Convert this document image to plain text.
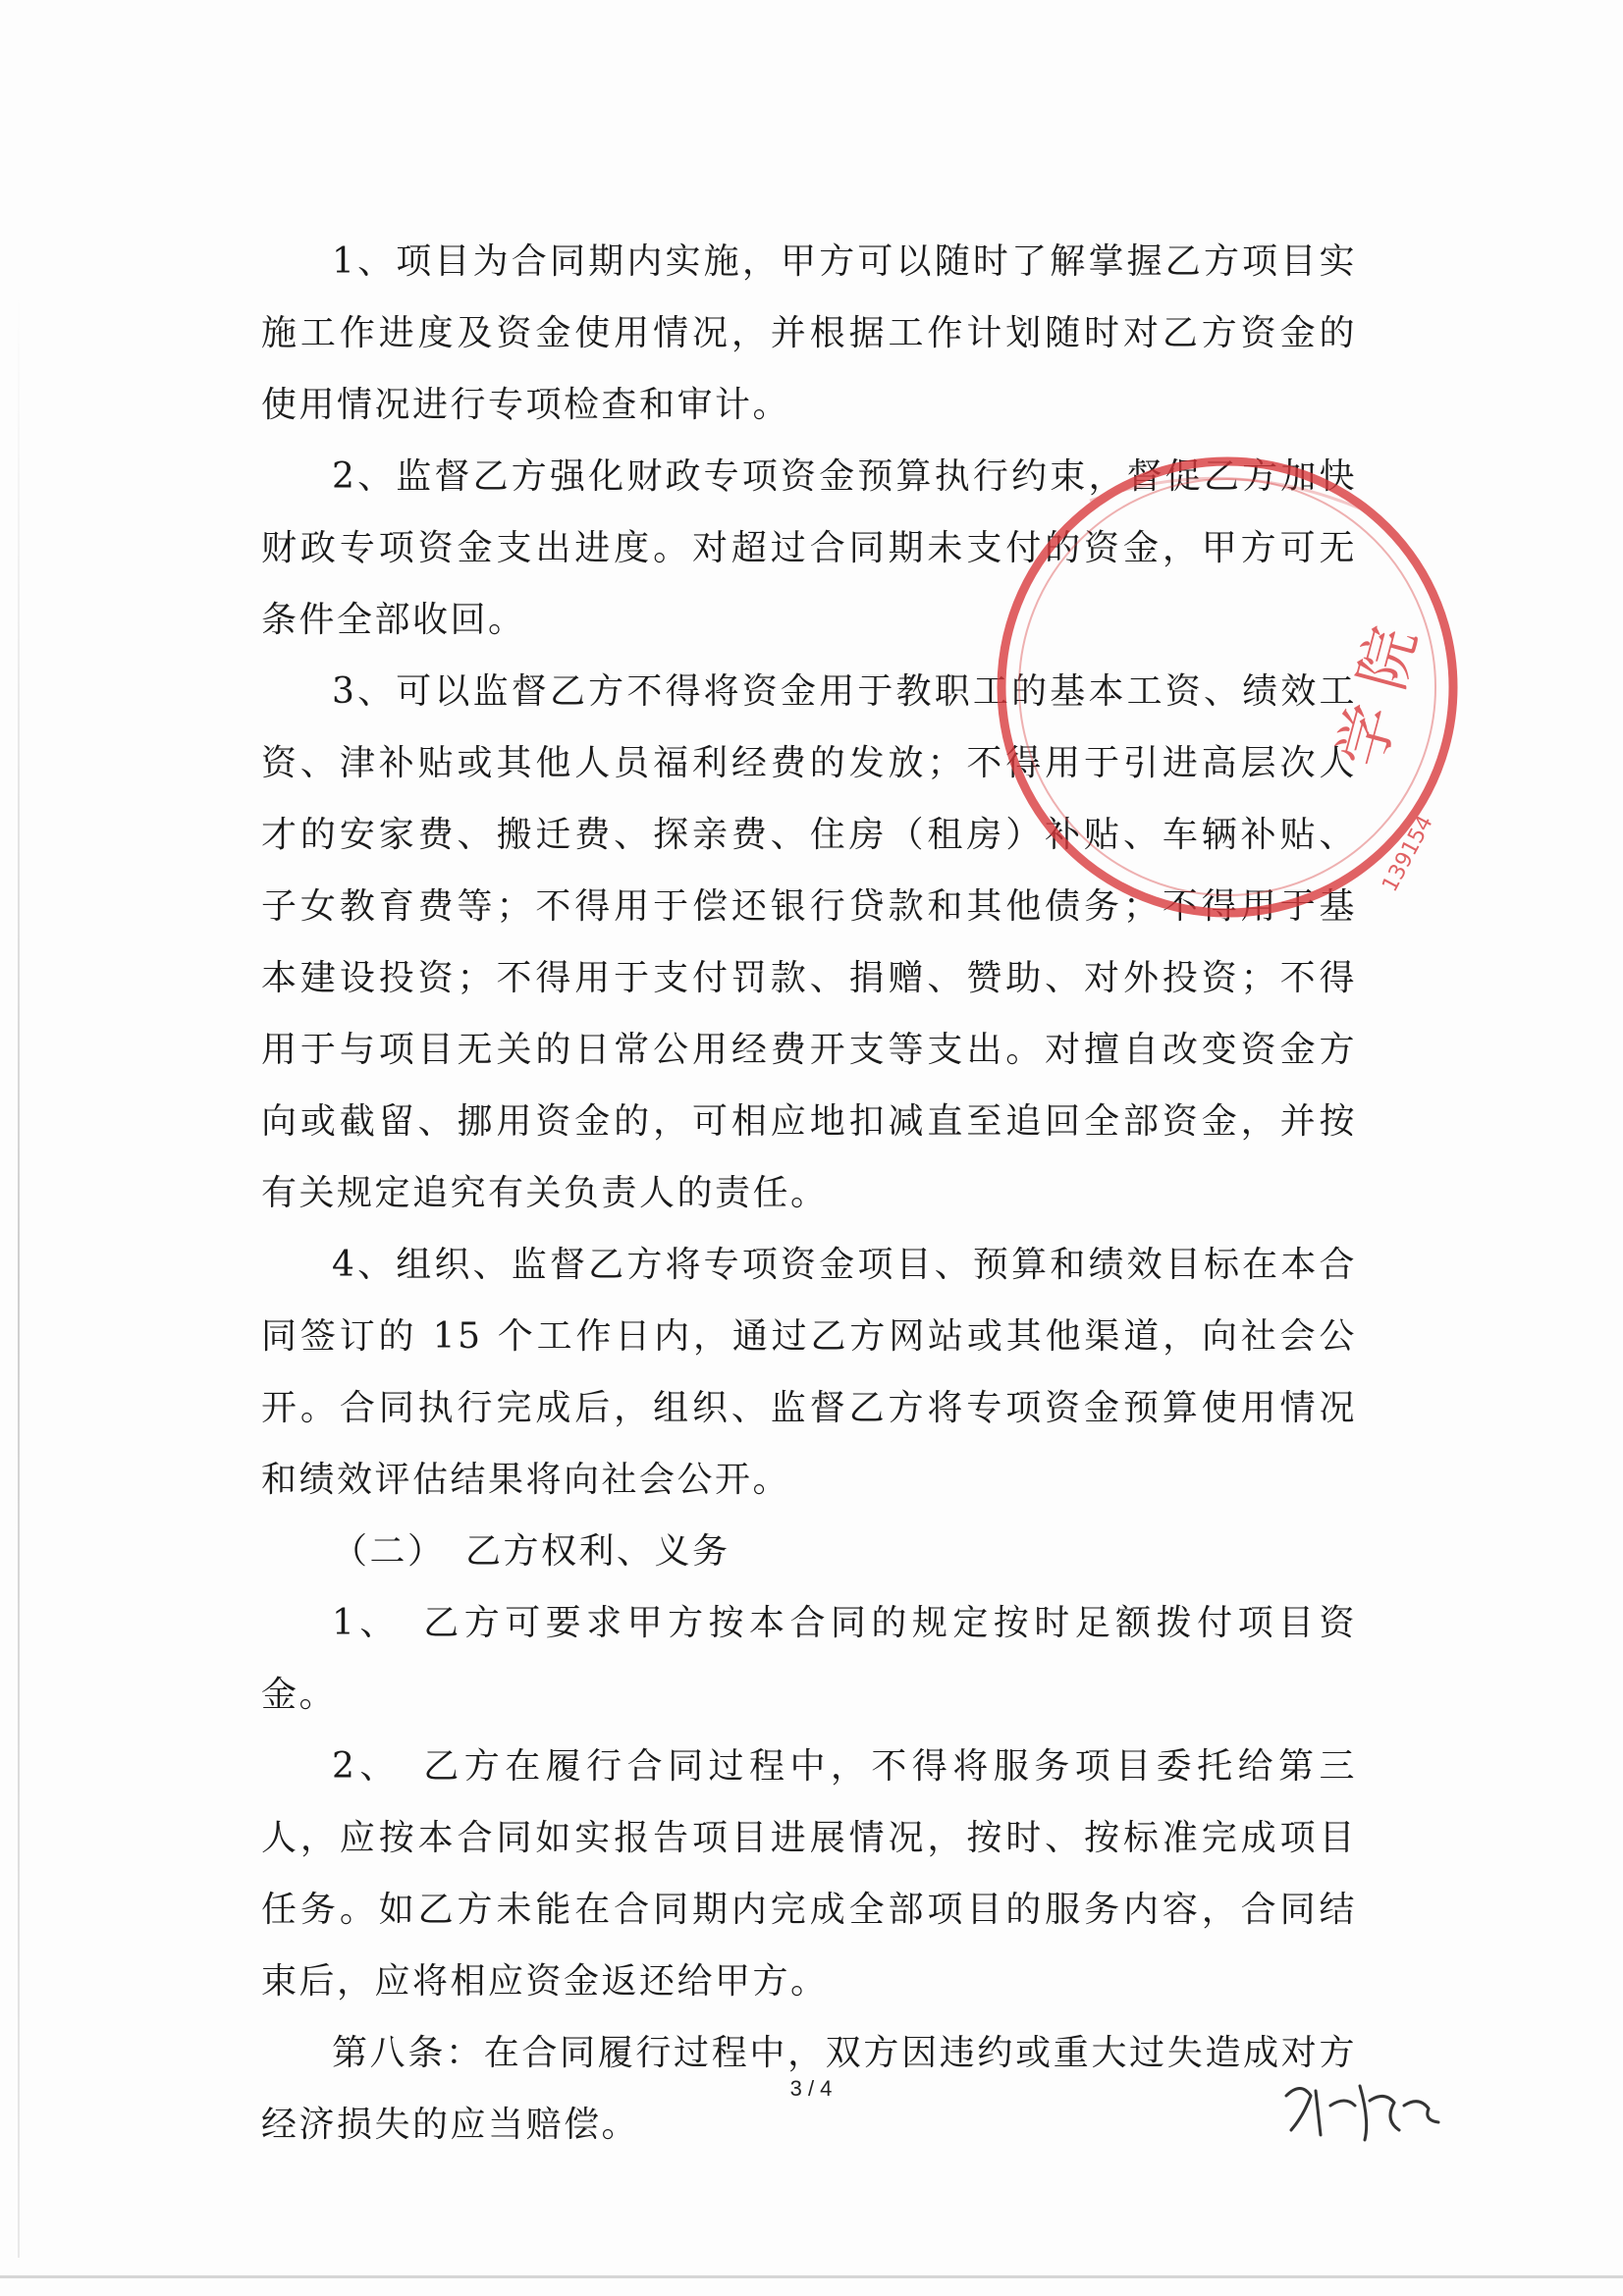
1、项目为合同期内实施，甲方可以随时了解掌握乙方项目实施工作进度及资金使用情况，并根据工作计划随时对乙方资金的使用情况进行专项检查和审计。

2、监督乙方强化财政专项资金预算执行约束，督促乙方加快财政专项资金支出进度。对超过合同期未支付的资金，甲方可无条件全部收回。

3、可以监督乙方不得将资金用于教职工的基本工资、绩效工资、津补贴或其他人员福利经费的发放；不得用于引进高层次人才的安家费、搬迁费、探亲费、住房（租房）补贴、车辆补贴、子女教育费等；不得用于偿还银行贷款和其他债务；不得用于基本建设投资；不得用于支付罚款、捐赠、赞助、对外投资；不得用于与项目无关的日常公用经费开支等支出。对擅自改变资金方向或截留、挪用资金的，可相应地扣减直至追回全部资金，并按有关规定追究有关负责人的责任。

4、组织、监督乙方将专项资金项目、预算和绩效目标在本合同签订的 15 个工作日内，通过乙方网站或其他渠道，向社会公开。合同执行完成后，组织、监督乙方将专项资金预算使用情况和绩效评估结果将向社会公开。

（二）　乙方权利、义务

1、　乙方可要求甲方按本合同的规定按时足额拨付项目资金。

2、　乙方在履行合同过程中，不得将服务项目委托给第三人，应按本合同如实报告项目进展情况，按时、按标准完成项目任务。如乙方未能在合同期内完成全部项目的服务内容，合同结束后，应将相应资金返还给甲方。

第八条：在合同履行过程中，双方因违约或重大过失造成对方经济损失的应当赔偿。

学 院
139154
3 / 4
